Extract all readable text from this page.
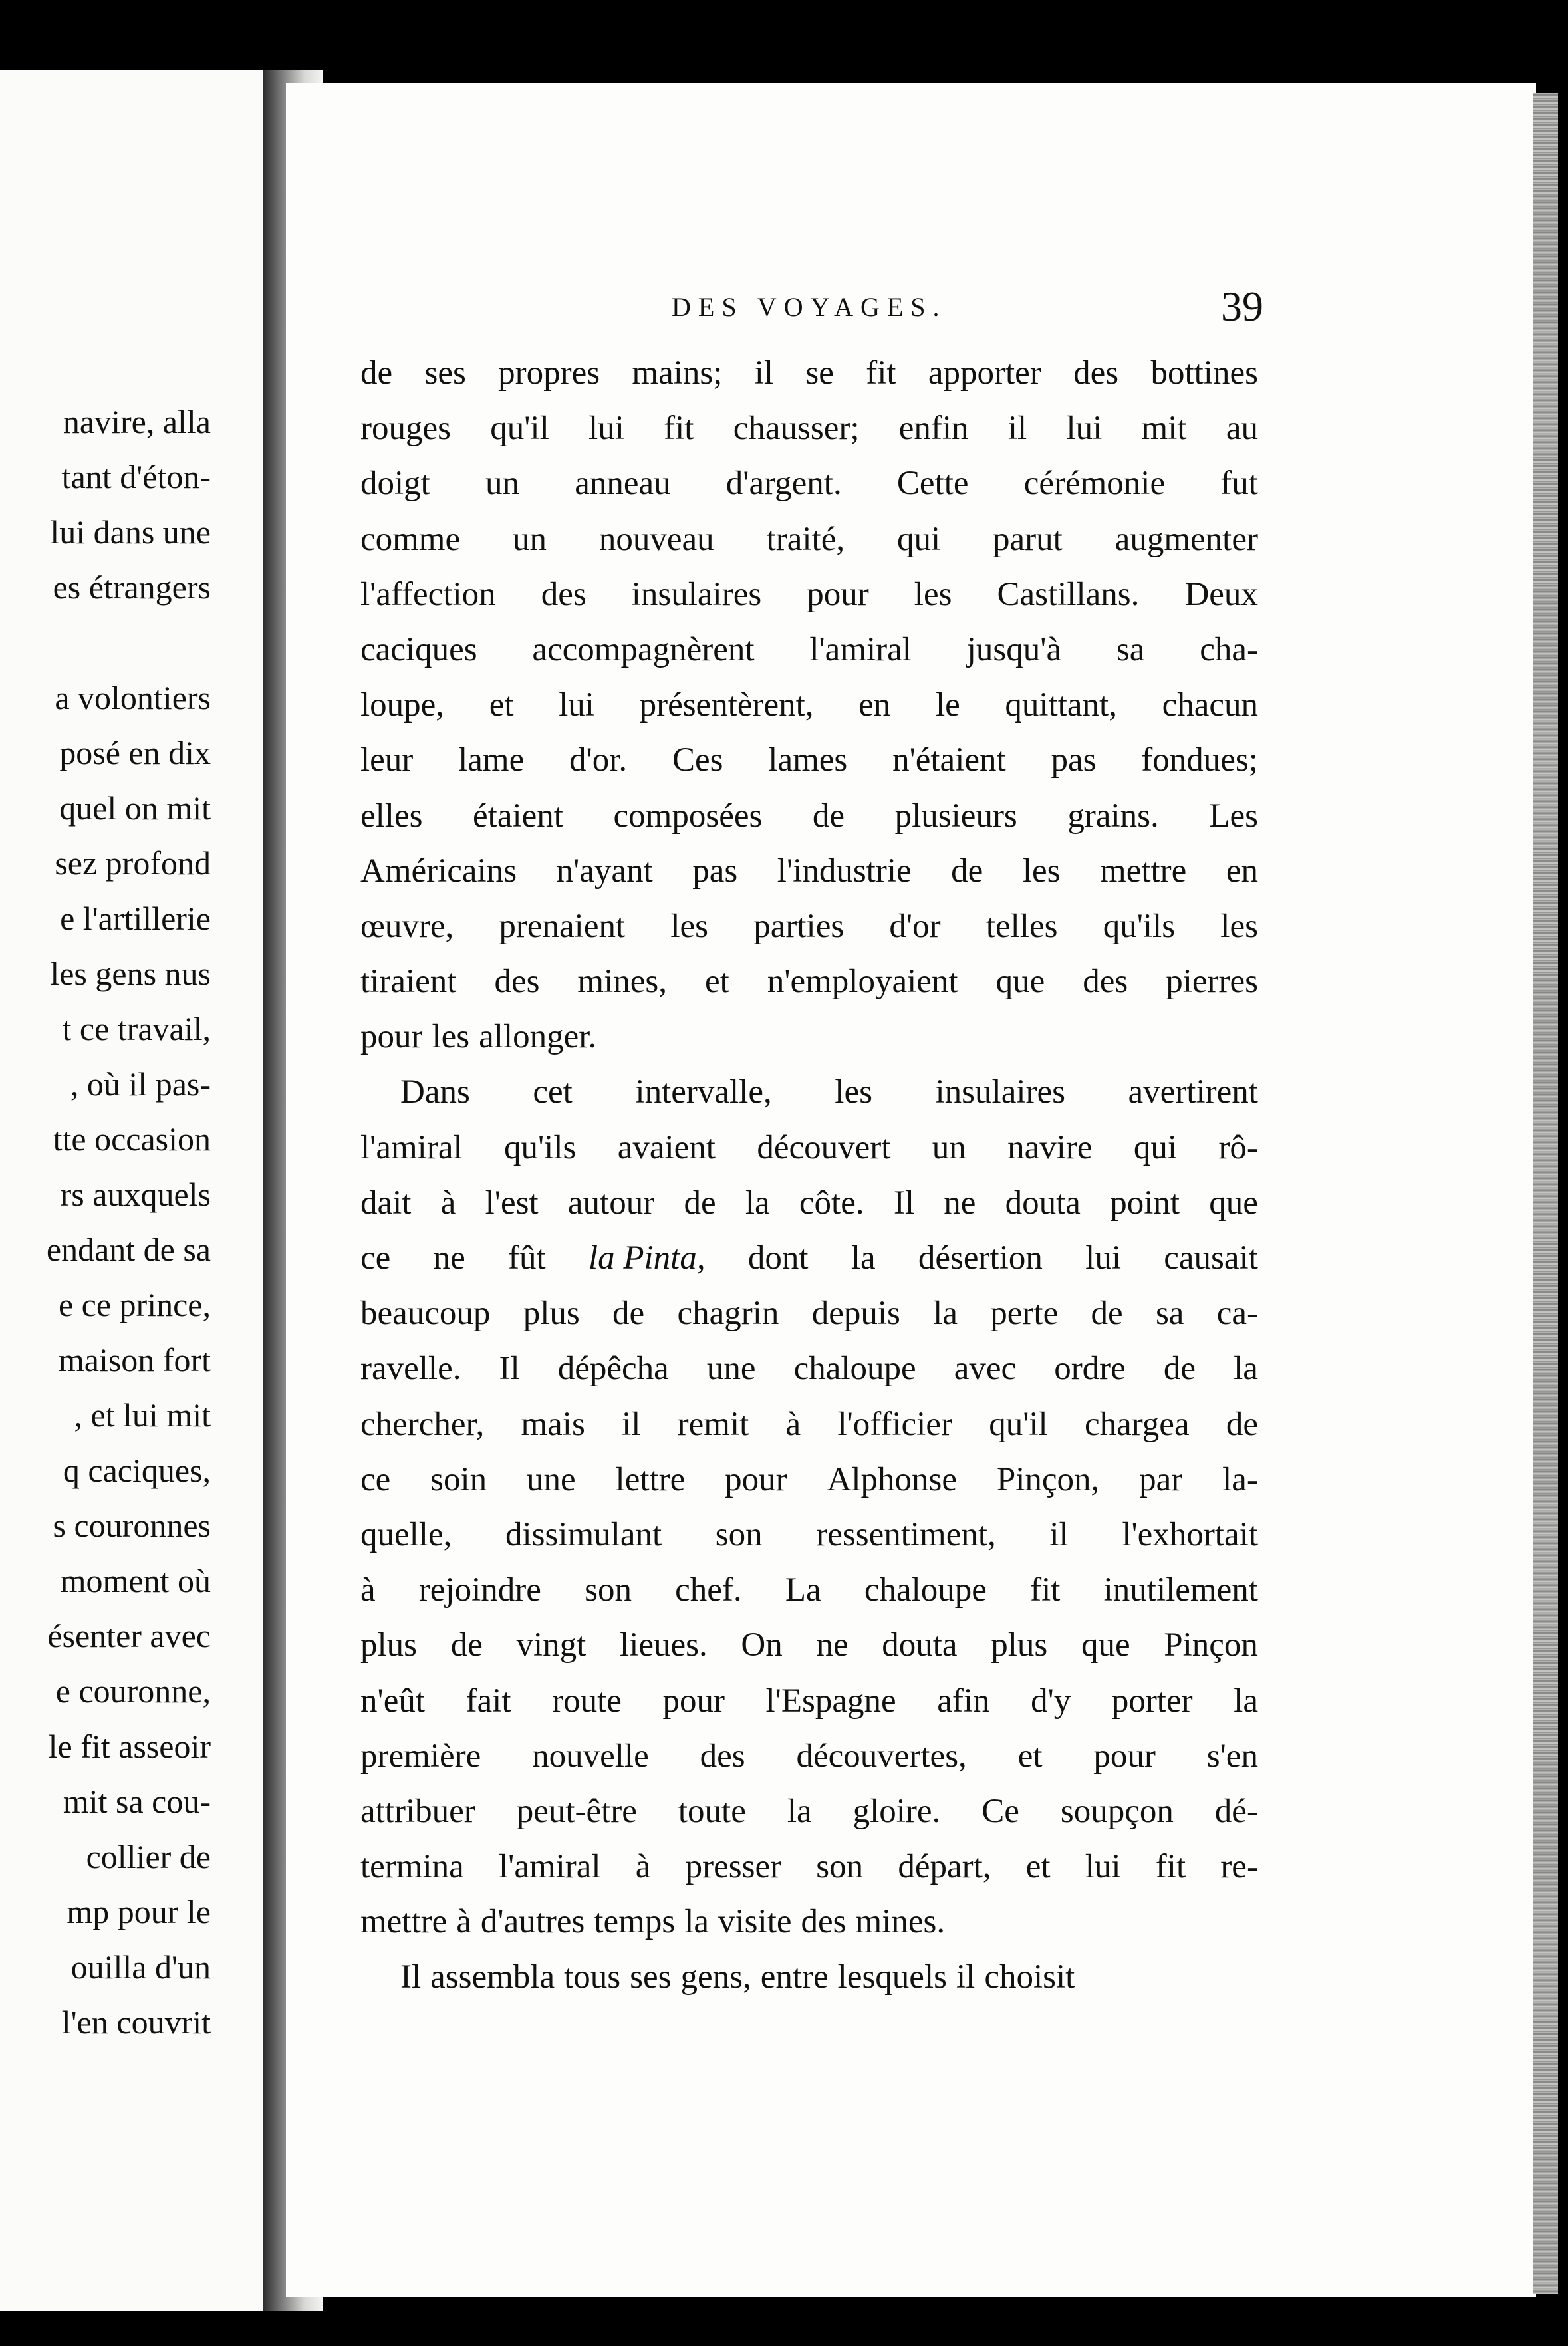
navire, alla
tant d'éton-
lui dans une
es étrangers
a volontiers
posé en dix
quel on mit
sez profond
e l'artillerie
les gens nus
t ce travail,
, où il pas-
tte occasion
rs auxquels
endant de sa
e ce prince,
maison fort
, et lui mit
q caciques,
s couronnes
moment où
ésenter avec
e couronne,
le fit asseoir
mit sa cou-
collier de
mp pour le
ouilla d'un
l'en couvrit
DES VOYAGES.	39
de ses propres mains; il se fit apporter des bottines
rouges qu'il lui fit chausser; enfin il lui mit au
doigt un anneau d'argent. Cette cérémonie fut
comme un nouveau traité, qui parut augmenter
l'affection des insulaires pour les Castillans. Deux
caciques accompagnèrent l'amiral jusqu'à sa cha-
loupe, et lui présentèrent, en le quittant, chacun
leur lame d'or. Ces lames n'étaient pas fondues;
elles étaient composées de plusieurs grains. Les
Américains n'ayant pas l'industrie de les mettre en
œuvre, prenaient les parties d'or telles qu'ils les
tiraient des mines, et n'employaient que des pierres
pour les allonger.
Dans cet intervalle, les insulaires avertirent
l'amiral qu'ils avaient découvert un navire qui rô-
dait à l'est autour de la côte. Il ne douta point que
ce ne fût la Pinta, dont la désertion lui causait
beaucoup plus de chagrin depuis la perte de sa ca-
ravelle. Il dépêcha une chaloupe avec ordre de la
chercher, mais il remit à l'officier qu'il chargea de
ce soin une lettre pour Alphonse Pinçon, par la-
quelle, dissimulant son ressentiment, il l'exhortait
à rejoindre son chef. La chaloupe fit inutilement
plus de vingt lieues. On ne douta plus que Pinçon
n'eût fait route pour l'Espagne afin d'y porter la
première nouvelle des découvertes, et pour s'en
attribuer peut-être toute la gloire. Ce soupçon dé-
termina l'amiral à presser son départ, et lui fit re-
mettre à d'autres temps la visite des mines.
Il assembla tous ses gens, entre lesquels il choisit
